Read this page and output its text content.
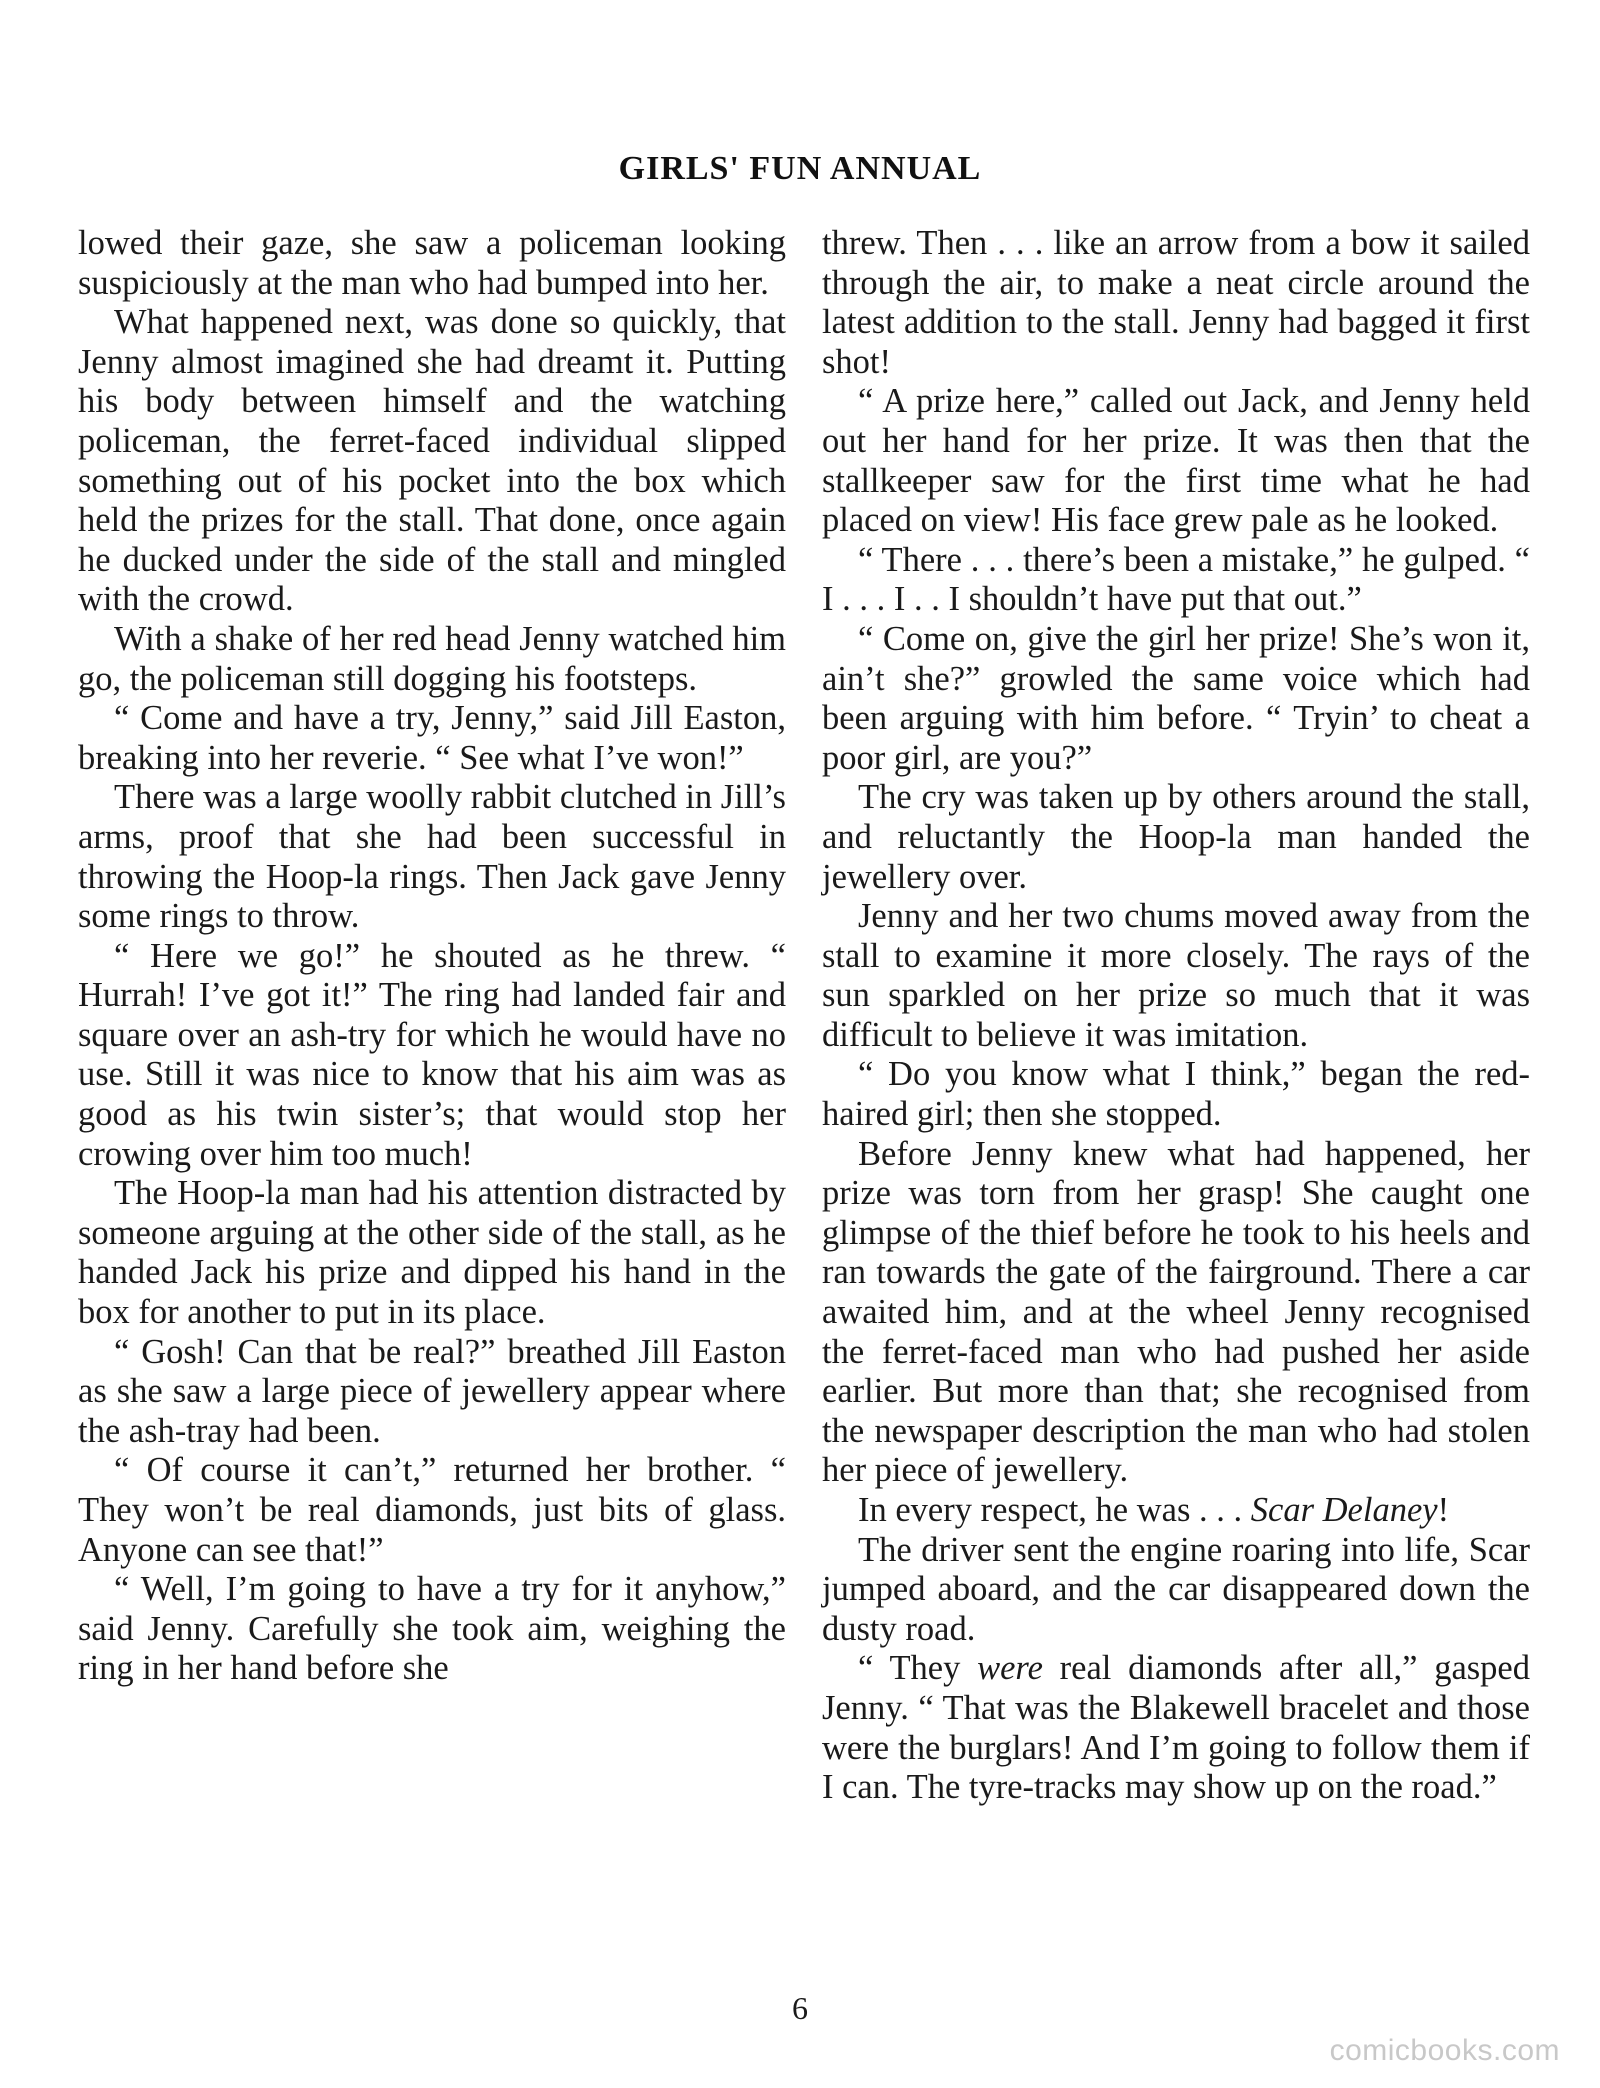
GIRLS' FUN ANNUAL

lowed their gaze, she saw a policeman looking suspiciously at the man who had bumped into her.

What happened next, was done so quickly, that Jenny almost imagined she had dreamt it. Putting his body between himself and the watching policeman, the ferret-faced individual slipped something out of his pocket into the box which held the prizes for the stall. That done, once again he ducked under the side of the stall and mingled with the crowd.

With a shake of her red head Jenny watched him go, the policeman still dogging his footsteps.

“ Come and have a try, Jenny,” said Jill Easton, breaking into her reverie. “ See what I’ve won!”

There was a large woolly rabbit clutched in Jill’s arms, proof that she had been successful in throwing the Hoop-la rings. Then Jack gave Jenny some rings to throw.

“ Here we go!” he shouted as he threw. “ Hurrah! I’ve got it!” The ring had landed fair and square over an ash-try for which he would have no use. Still it was nice to know that his aim was as good as his twin sister’s; that would stop her crowing over him too much!

The Hoop-la man had his attention distracted by someone arguing at the other side of the stall, as he handed Jack his prize and dipped his hand in the box for another to put in its place.

“ Gosh! Can that be real?” breathed Jill Easton as she saw a large piece of jewellery appear where the ash-tray had been.

“ Of course it can’t,” returned her brother. “ They won’t be real diamonds, just bits of glass. Anyone can see that!”

“ Well, I’m going to have a try for it anyhow,” said Jenny. Carefully she took aim, weighing the ring in her hand before she

threw. Then . . . like an arrow from a bow it sailed through the air, to make a neat circle around the latest addition to the stall. Jenny had bagged it first shot!

“ A prize here,” called out Jack, and Jenny held out her hand for her prize. It was then that the stallkeeper saw for the first time what he had placed on view! His face grew pale as he looked.

“ There . . . there’s been a mistake,” he gulped. “ I . . . I . . I shouldn’t have put that out.”

“ Come on, give the girl her prize! She’s won it, ain’t she?” growled the same voice which had been arguing with him before. “ Tryin’ to cheat a poor girl, are you?”

The cry was taken up by others around the stall, and reluctantly the Hoop-la man handed the jewellery over.

Jenny and her two chums moved away from the stall to examine it more closely. The rays of the sun sparkled on her prize so much that it was difficult to believe it was imitation.

“ Do you know what I think,” began the red-haired girl; then she stopped.

Before Jenny knew what had happened, her prize was torn from her grasp! She caught one glimpse of the thief before he took to his heels and ran towards the gate of the fairground. There a car awaited him, and at the wheel Jenny recognised the ferret-faced man who had pushed her aside earlier. But more than that; she recognised from the newspaper description the man who had stolen her piece of jewellery.

In every respect, he was . . . Scar Delaney!

The driver sent the engine roaring into life, Scar jumped aboard, and the car disappeared down the dusty road.

“ They were real diamonds after all,” gasped Jenny. “ That was the Blakewell bracelet and those were the burglars! And I’m going to follow them if I can. The tyre-tracks may show up on the road.”

6
comicbooks.com
